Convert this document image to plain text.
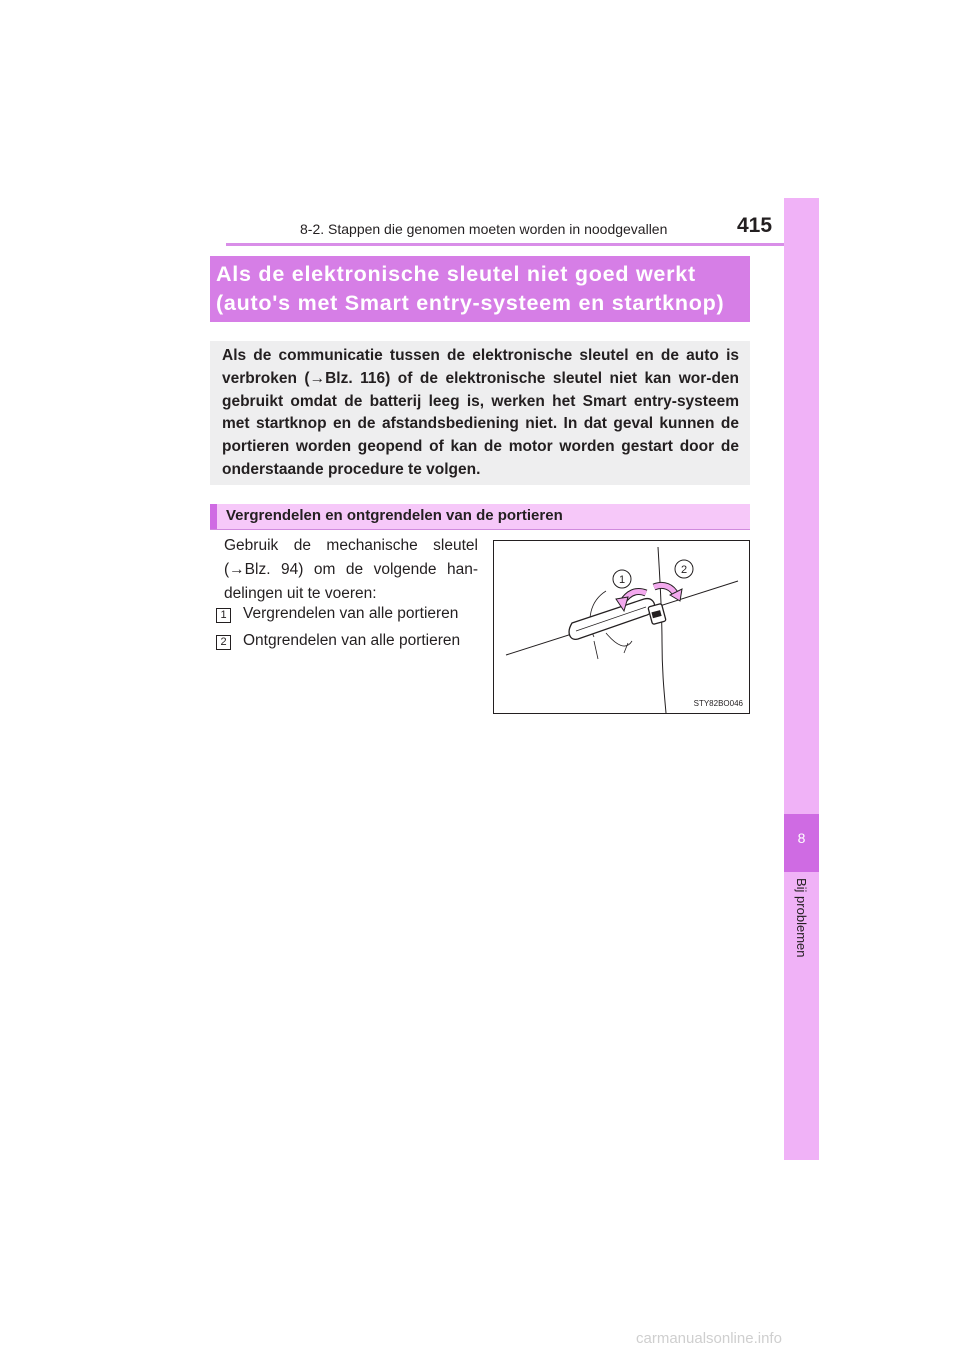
8-2. Stappen die genomen moeten worden in noodgevallen	415
8
Bij problemen
Als de elektronische sleutel niet goed werkt
(auto's met Smart entry-systeem en startknop)
Als de communicatie tussen de elektronische sleutel en de auto is verbroken (→Blz. 116) of de elektronische sleutel niet kan wor-den gebruikt omdat de batterij leeg is, werken het Smart entry-systeem met startknop en de afstandsbediening niet. In dat geval kunnen de portieren worden geopend of kan de motor worden gestart door de onderstaande procedure te volgen.
Vergrendelen en ontgrendelen van de portieren
Gebruik de mechanische sleutel (→Blz. 94) om de volgende han-delingen uit te voeren:
1 Vergrendelen van alle portieren
2 Ontgrendelen van alle portieren
1
2
STY82BO046
carmanualsonline.info
